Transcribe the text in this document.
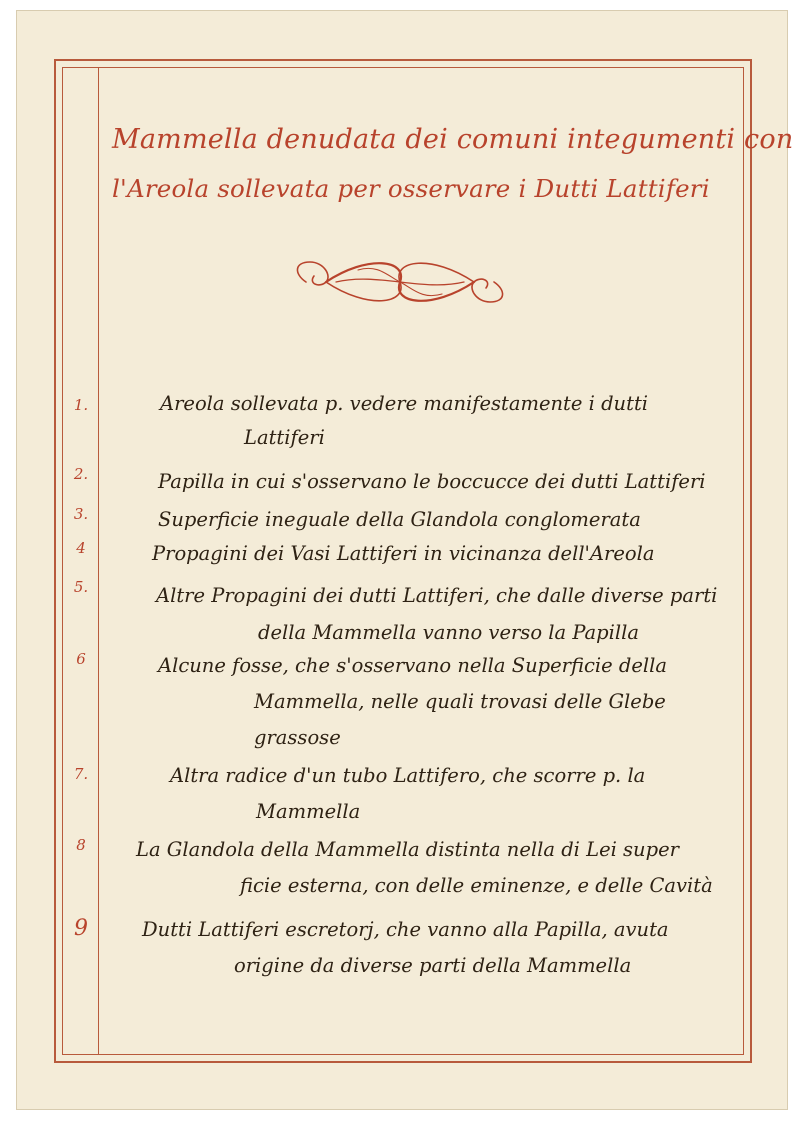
Mammella denudata dei comuni integumenti con
l'Areola sollevata per osservare i Dutti Lattiferi
1.
2.
3.
4
5.
6
7.
8
9
Areola sollevata p. vedere manifestamente i dutti
Lattiferi
Papilla in cui s'osservano le boccucce dei dutti Lattiferi
Superficie ineguale della Glandola conglomerata
Propagini dei Vasi Lattiferi in vicinanza dell'Areola
Altre Propagini dei dutti Lattiferi, che dalle diverse parti
della Mammella vanno verso la Papilla
Alcune fosse, che s'osservano nella Superficie della
Mammella, nelle quali trovasi delle Glebe
grassose
Altra radice d'un tubo Lattifero, che scorre p. la
Mammella
La Glandola della Mammella distinta nella di Lei super
ficie esterna, con delle eminenze, e delle Cavità
Dutti Lattiferi escretorj, che vanno alla Papilla, avuta
origine da diverse parti della Mammella
